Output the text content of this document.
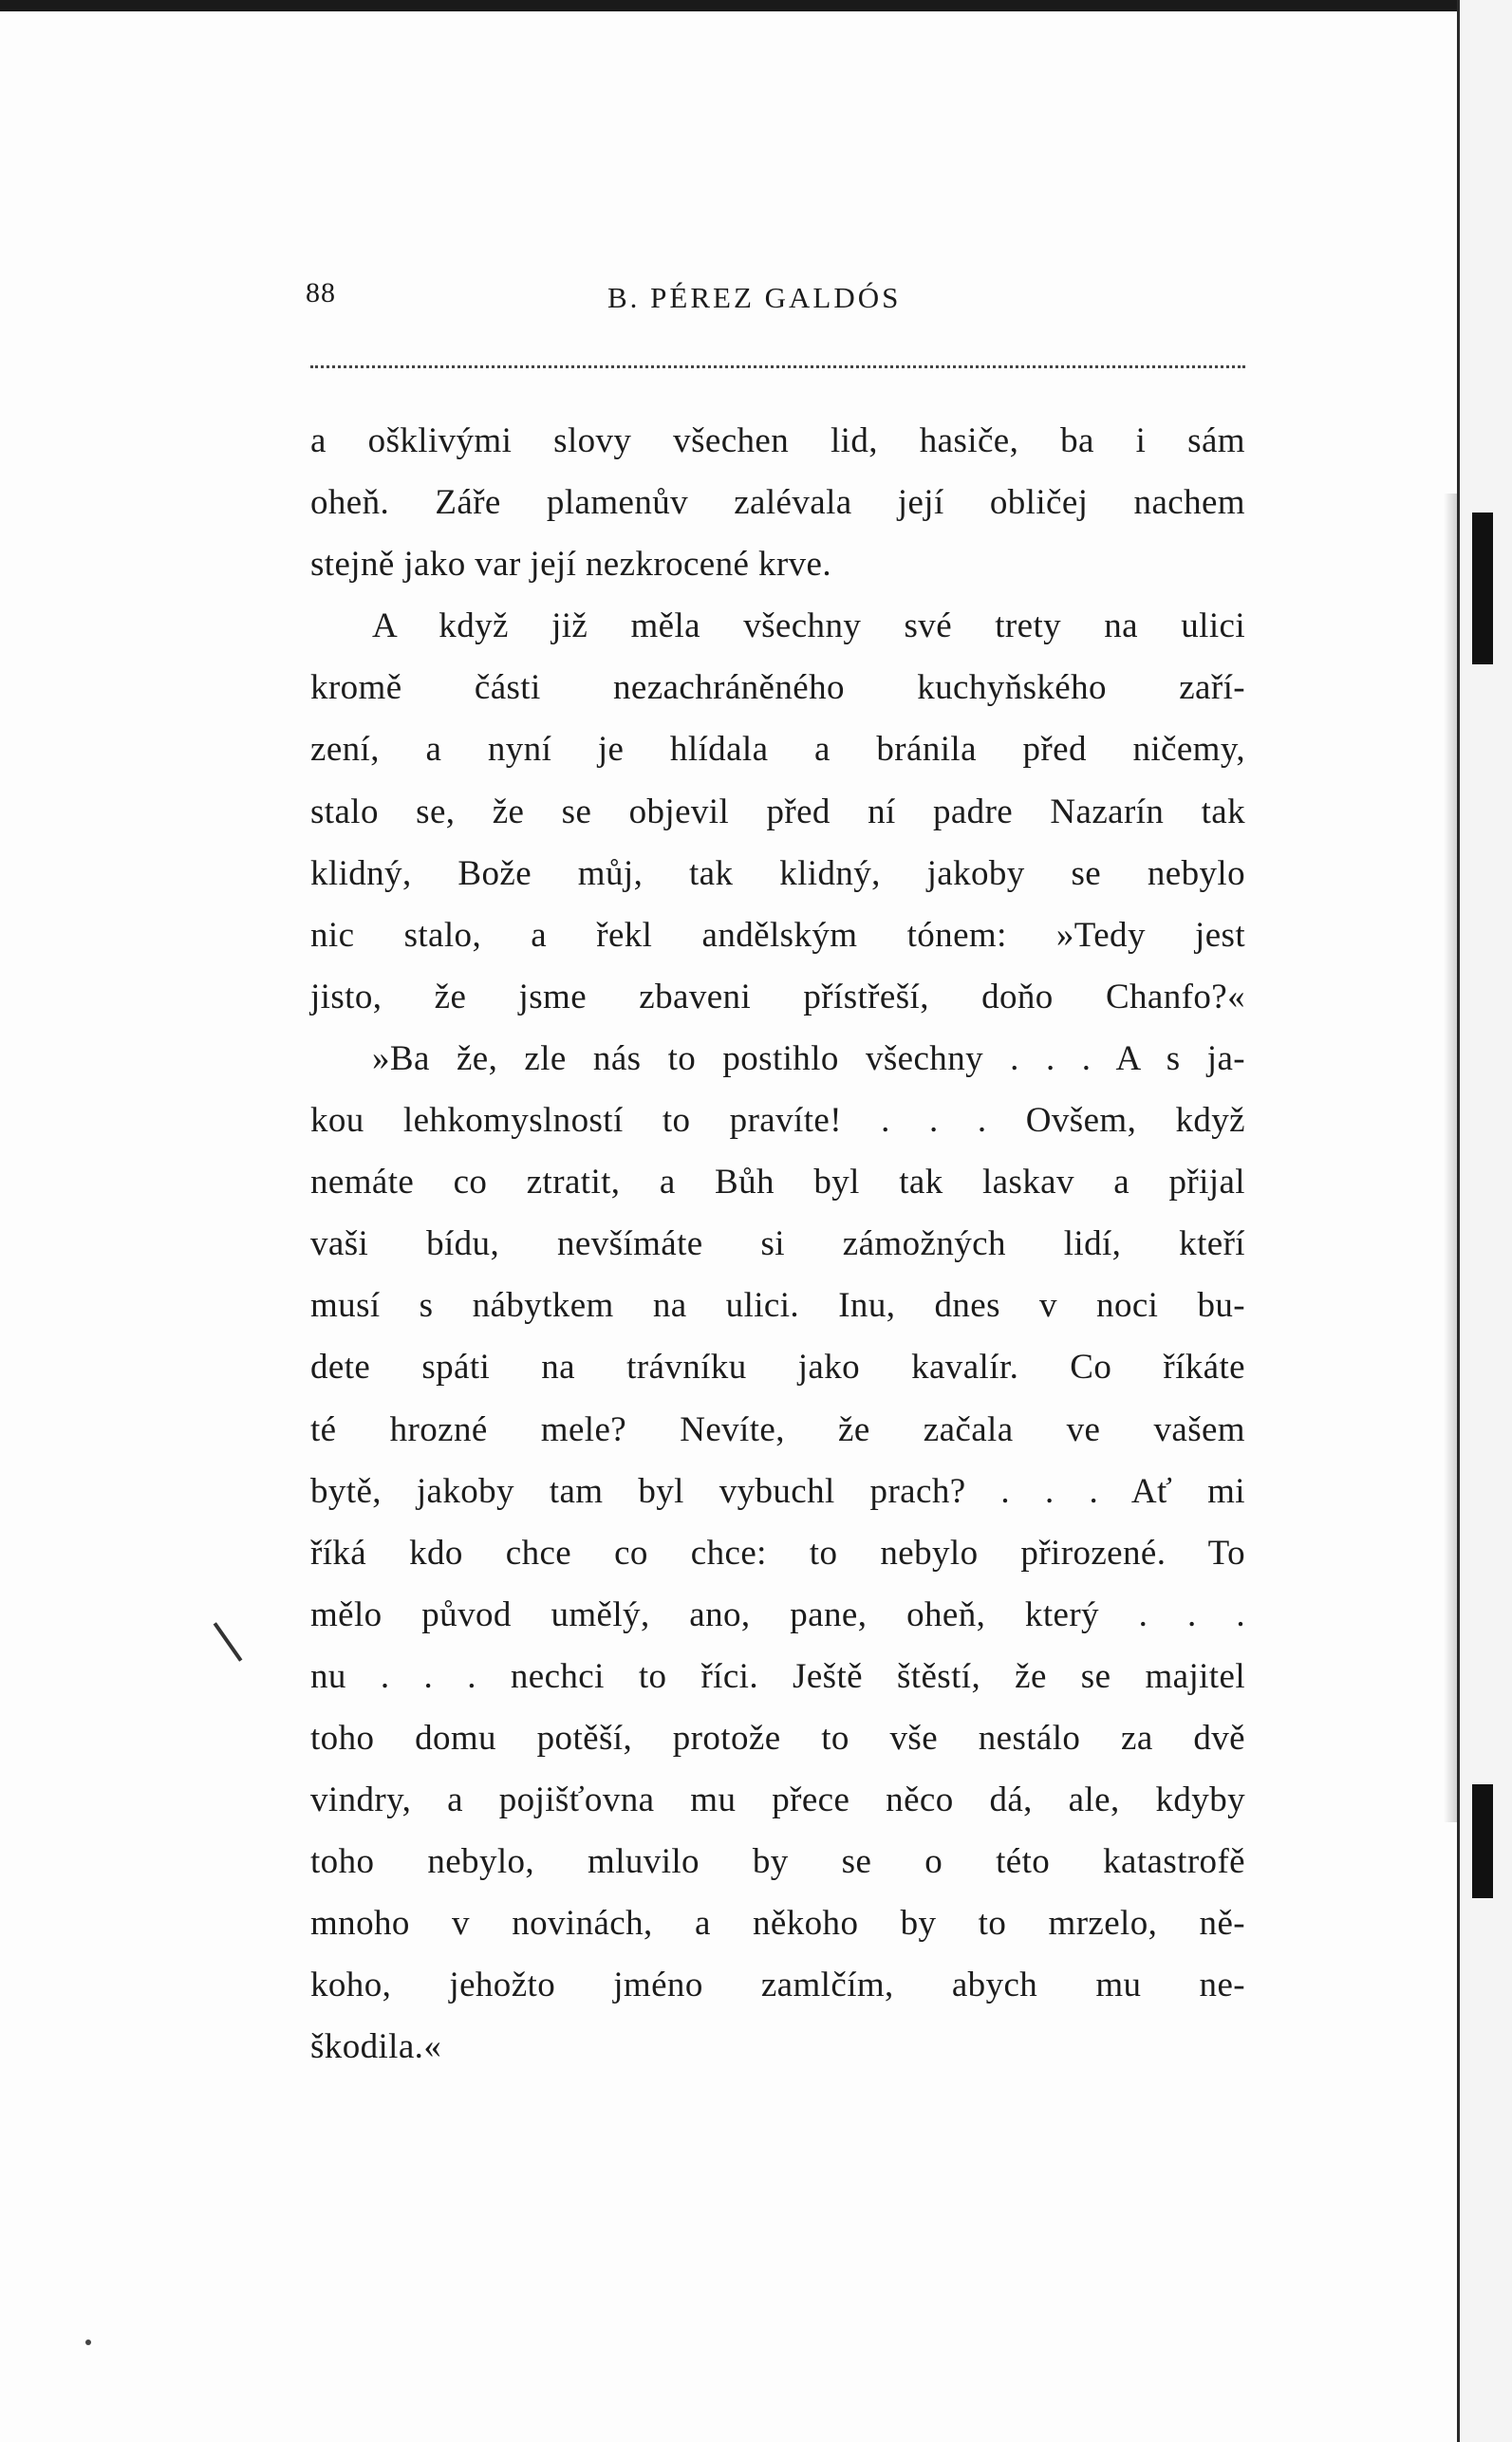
88	B. PÉREZ GALDÓS
a ošklivými slovy všechen lid, hasiče, ba i sám
oheň. Záře plamenův zalévala její obličej nachem
stejně jako var její nezkrocené krve.
A když již měla všechny své trety na ulici
kromě části nezachráněného kuchyňského zaří-
zení, a nyní je hlídala a bránila před ničemy,
stalo se, že se objevil před ní padre Nazarín tak
klidný, Bože můj, tak klidný, jakoby se nebylo
nic stalo, a řekl andělským tónem: »Tedy jest
jisto, že jsme zbaveni přístřeší, doňo Chanfo?«
»Ba že, zle nás to postihlo všechny . . . A s ja-
kou lehkomyslností to pravíte! . . . Ovšem, když
nemáte co ztratit, a Bůh byl tak laskav a přijal
vaši bídu, nevšímáte si zámožných lidí, kteří
musí s nábytkem na ulici. Inu, dnes v noci bu-
dete spáti na trávníku jako kavalír. Co říkáte
té hrozné mele? Nevíte, že začala ve vašem
bytě, jakoby tam byl vybuchl prach? . . . Ať mi
říká kdo chce co chce: to nebylo přirozené. To
mělo původ umělý, ano, pane, oheň, který . . .
nu . . . nechci to říci. Ještě štěstí, že se majitel
toho domu potěší, protože to vše nestálo za dvě
vindry, a pojišťovna mu přece něco dá, ale, kdyby
toho nebylo, mluvilo by se o této katastrofě
mnoho v novinách, a někoho by to mrzelo, ně-
koho, jehožto jméno zamlčím, abych mu ne-
škodila.«
